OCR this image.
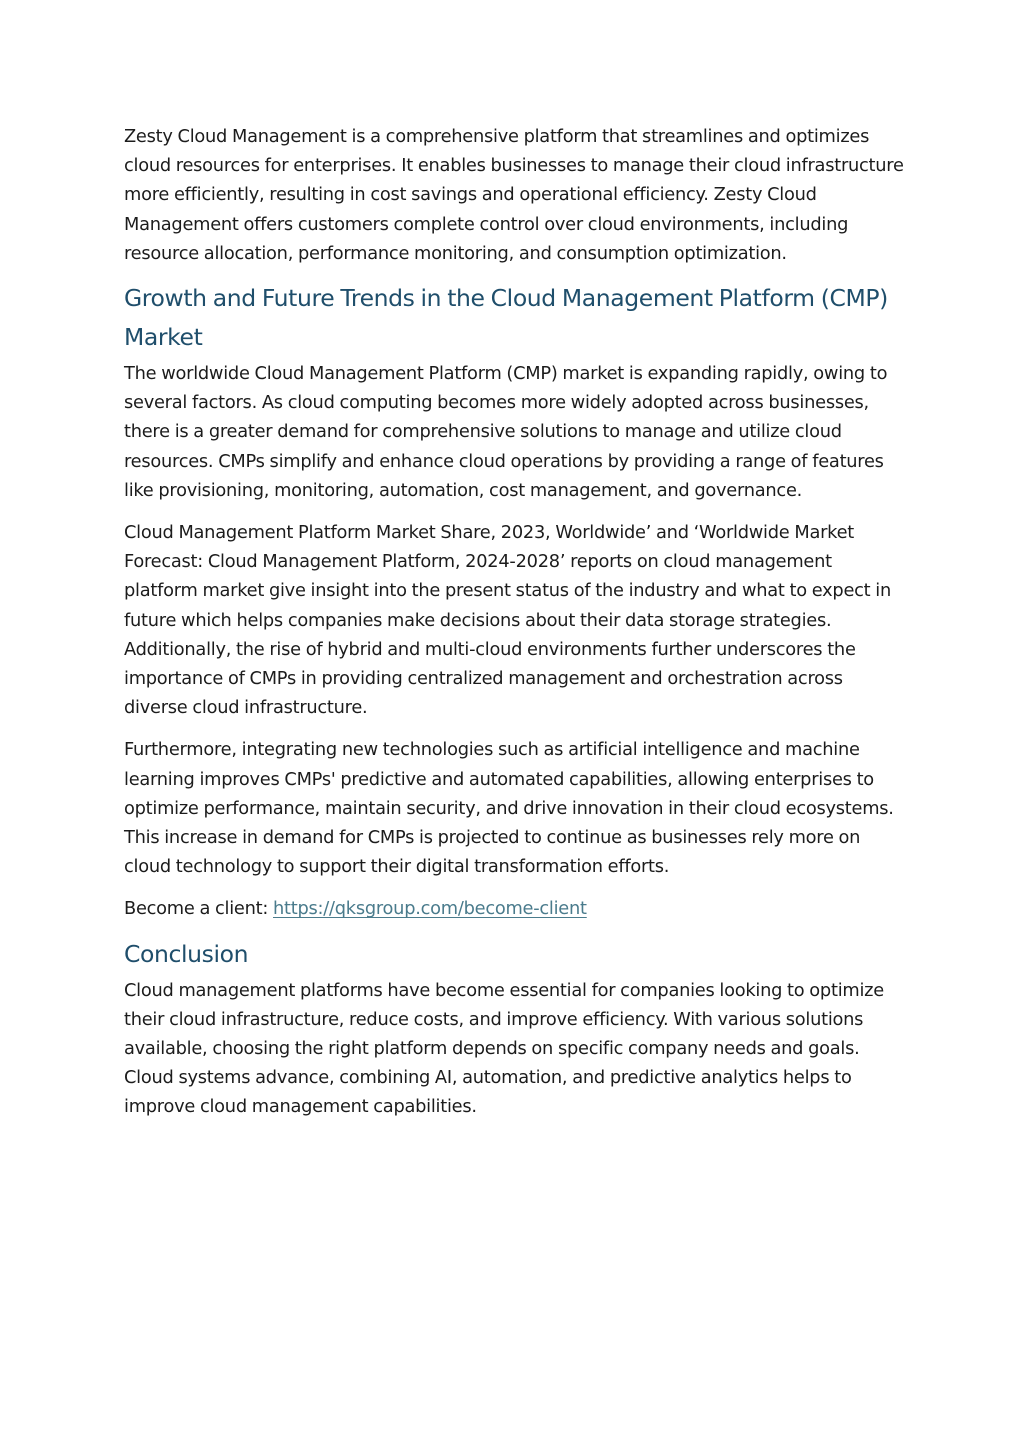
Zesty Cloud Management is a comprehensive platform that streamlines and optimizes cloud resources for enterprises. It enables businesses to manage their cloud infrastructure more efficiently, resulting in cost savings and operational efficiency. Zesty Cloud Management offers customers complete control over cloud environments, including resource allocation, performance monitoring, and consumption optimization.

Growth and Future Trends in the Cloud Management Platform (CMP) Market

The worldwide Cloud Management Platform (CMP) market is expanding rapidly, owing to several factors. As cloud computing becomes more widely adopted across businesses, there is a greater demand for comprehensive solutions to manage and utilize cloud resources. CMPs simplify and enhance cloud operations by providing a range of features like provisioning, monitoring, automation, cost management, and governance.

Cloud Management Platform Market Share, 2023, Worldwide’ and ‘Worldwide Market Forecast: Cloud Management Platform, 2024-2028’ reports on cloud management platform market give insight into the present status of the industry and what to expect in future which helps companies make decisions about their data storage strategies. Additionally, the rise of hybrid and multi-cloud environments further underscores the importance of CMPs in providing centralized management and orchestration across diverse cloud infrastructure.

Furthermore, integrating new technologies such as artificial intelligence and machine learning improves CMPs' predictive and automated capabilities, allowing enterprises to optimize performance, maintain security, and drive innovation in their cloud ecosystems. This increase in demand for CMPs is projected to continue as businesses rely more on cloud technology to support their digital transformation efforts.

Become a client: https://qksgroup.com/become-client

Conclusion

Cloud management platforms have become essential for companies looking to optimize their cloud infrastructure, reduce costs, and improve efficiency. With various solutions available, choosing the right platform depends on specific company needs and goals. Cloud systems advance, combining AI, automation, and predictive analytics helps to improve cloud management capabilities.
